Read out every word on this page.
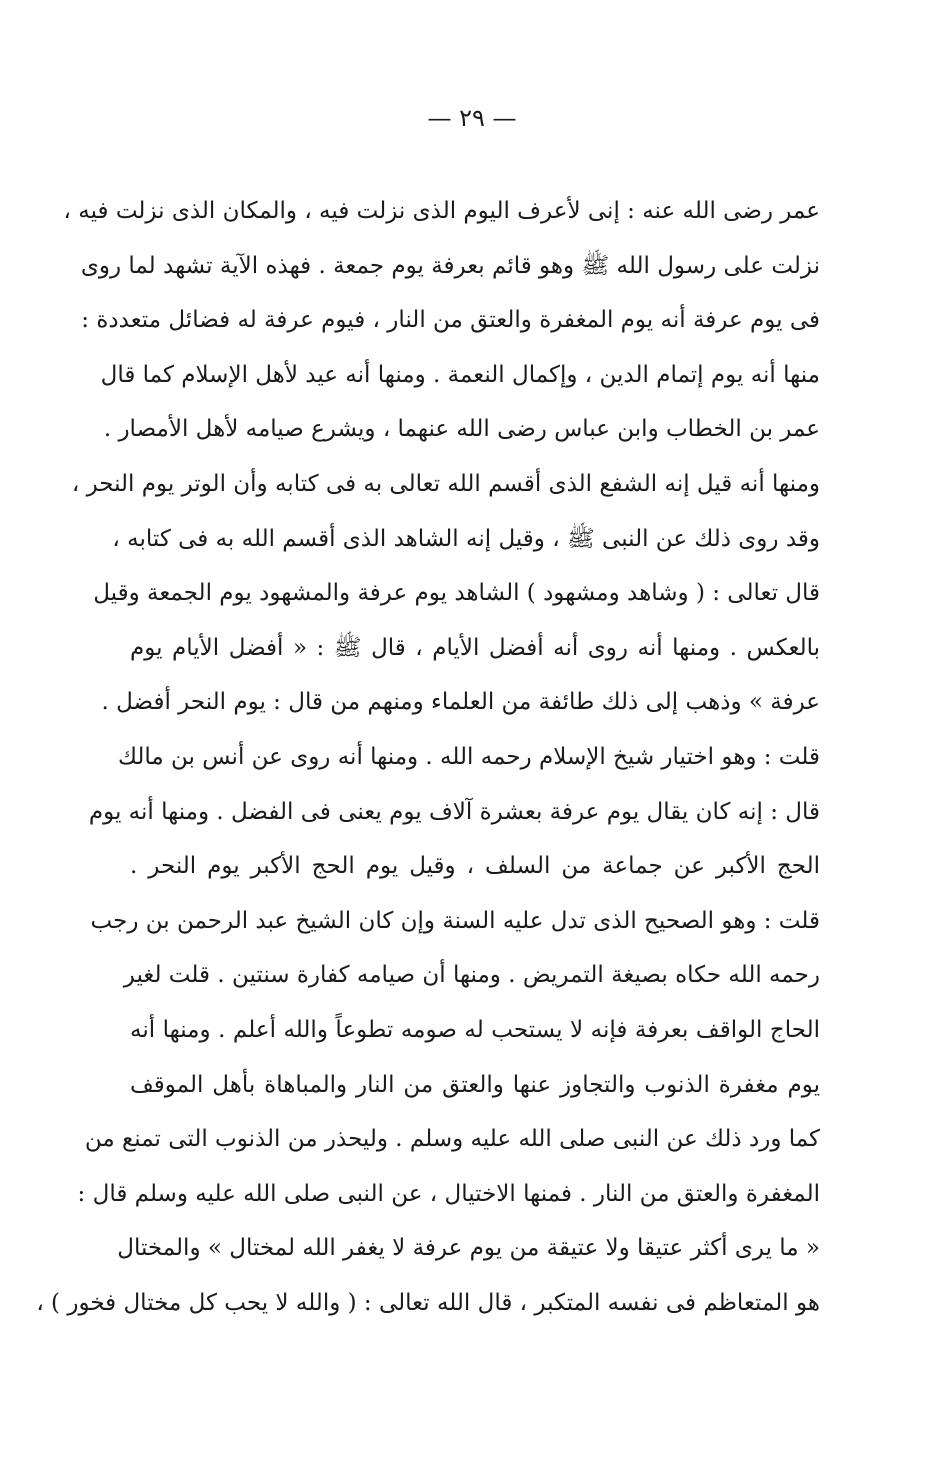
— ٢٩ —
عمر رضى الله عنه : إنى لأعرف اليوم الذى نزلت فيه ، والمكان الذى نزلت فيه ،
نزلت على رسول الله ﷺ وهو قائم بعرفة يوم جمعة . فهذه الآية تشهد لما روى
فى يوم عرفة أنه يوم المغفرة والعتق من النار ، فيوم عرفة له فضائل متعددة :
منها أنه يوم إتمام الدين ، وإكمال النعمة . ومنها أنه عيد لأهل الإسلام كما قال
عمر بن الخطاب وابن عباس رضى الله عنهما ، ويشرع صيامه لأهل الأمصار .
ومنها أنه قيل إنه الشفع الذى أقسم الله تعالى به فى كتابه وأن الوتر يوم النحر ،
وقد روى ذلك عن النبى ﷺ ، وقيل إنه الشاهد الذى أقسم الله به فى كتابه ،
قال تعالى : ( وشاهد ومشهود ) الشاهد يوم عرفة والمشهود يوم الجمعة وقيل
بالعكس . ومنها أنه روى أنه أفضل الأيام ، قال ﷺ : « أفضل الأيام يوم
عرفة » وذهب إلى ذلك طائفة من العلماء ومنهم من قال : يوم النحر أفضل .
قلت : وهو اختيار شيخ الإسلام رحمه الله . ومنها أنه روى عن أنس بن مالك
قال : إنه كان يقال يوم عرفة بعشرة آلاف يوم يعنى فى الفضل . ومنها أنه يوم
الحج الأكبر عن جماعة من السلف ، وقيل يوم الحج الأكبر يوم النحر .
قلت : وهو الصحيح الذى تدل عليه السنة وإن كان الشيخ عبد الرحمن بن رجب
رحمه الله حكاه بصيغة التمريض . ومنها أن صيامه كفارة سنتين . قلت لغير
الحاج الواقف بعرفة فإنه لا يستحب له صومه تطوعاً والله أعلم . ومنها أنه
يوم مغفرة الذنوب والتجاوز عنها والعتق من النار والمباهاة بأهل الموقف
كما ورد ذلك عن النبى صلى الله عليه وسلم . وليحذر من الذنوب التى تمنع من
المغفرة والعتق من النار . فمنها الاختيال ، عن النبى صلى الله عليه وسلم قال :
« ما يرى أكثر عتيقا ولا عتيقة من يوم عرفة لا يغفر الله لمختال » والمختال
هو المتعاظم فى نفسه المتكبر ، قال الله تعالى : ( والله لا يحب كل مختال فخور ) ،
